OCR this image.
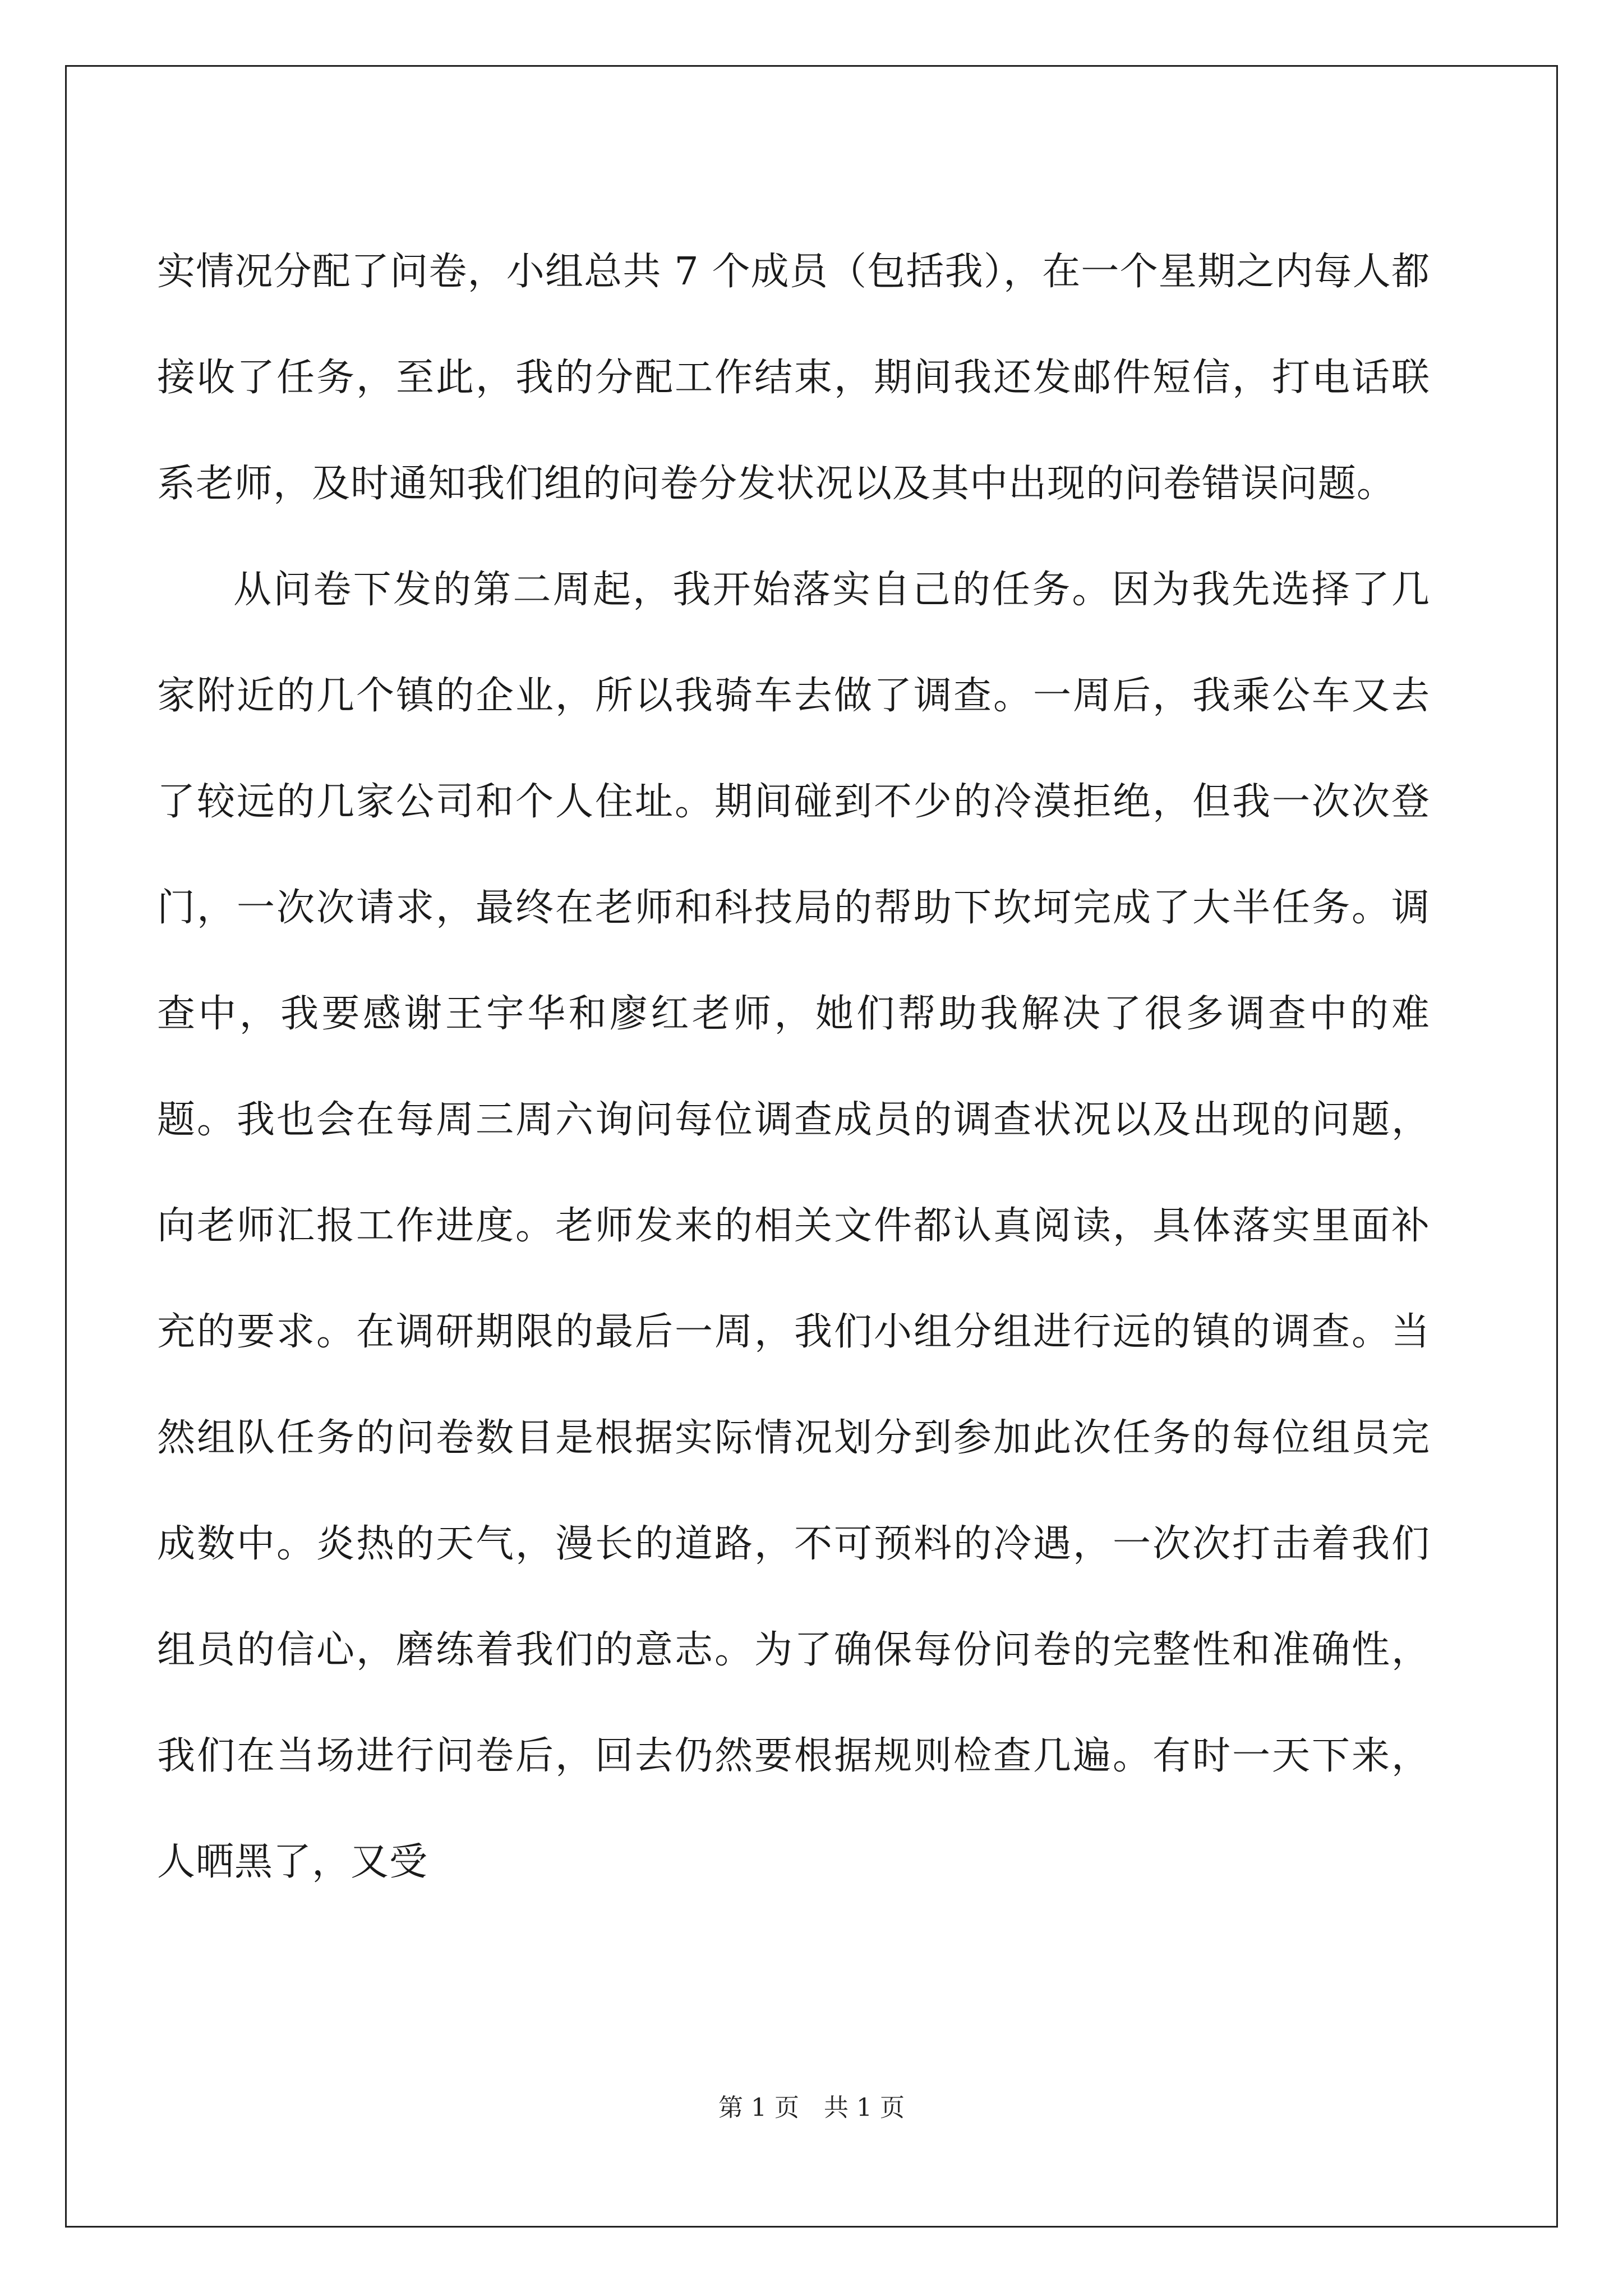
实情况分配了问卷，小组总共 7 个成员（包括我），在一个星期之内每人都接收了任务，至此，我的分配工作结束，期间我还发邮件短信，打电话联系老师，及时通知我们组的问卷分发状况以及其中出现的问卷错误问题。

从问卷下发的第二周起，我开始落实自己的任务。因为我先选择了几家附近的几个镇的企业，所以我骑车去做了调查。一周后，我乘公车又去了较远的几家公司和个人住址。期间碰到不少的冷漠拒绝，但我一次次登门，一次次请求，最终在老师和科技局的帮助下坎坷完成了大半任务。调查中，我要感谢王宇华和廖红老师，她们帮助我解决了很多调查中的难题。我也会在每周三周六询问每位调查成员的调查状况以及出现的问题，向老师汇报工作进度。老师发来的相关文件都认真阅读，具体落实里面补充的要求。在调研期限的最后一周，我们小组分组进行远的镇的调查。当然组队任务的问卷数目是根据实际情况划分到参加此次任务的每位组员完成数中。炎热的天气，漫长的道路，不可预料的冷遇，一次次打击着我们组员的信心，磨练着我们的意志。为了确保每份问卷的完整性和准确性，我们在当场进行问卷后，回去仍然要根据规则检查几遍。有时一天下来，人晒黑了，又受

第 1 页　共 1 页
